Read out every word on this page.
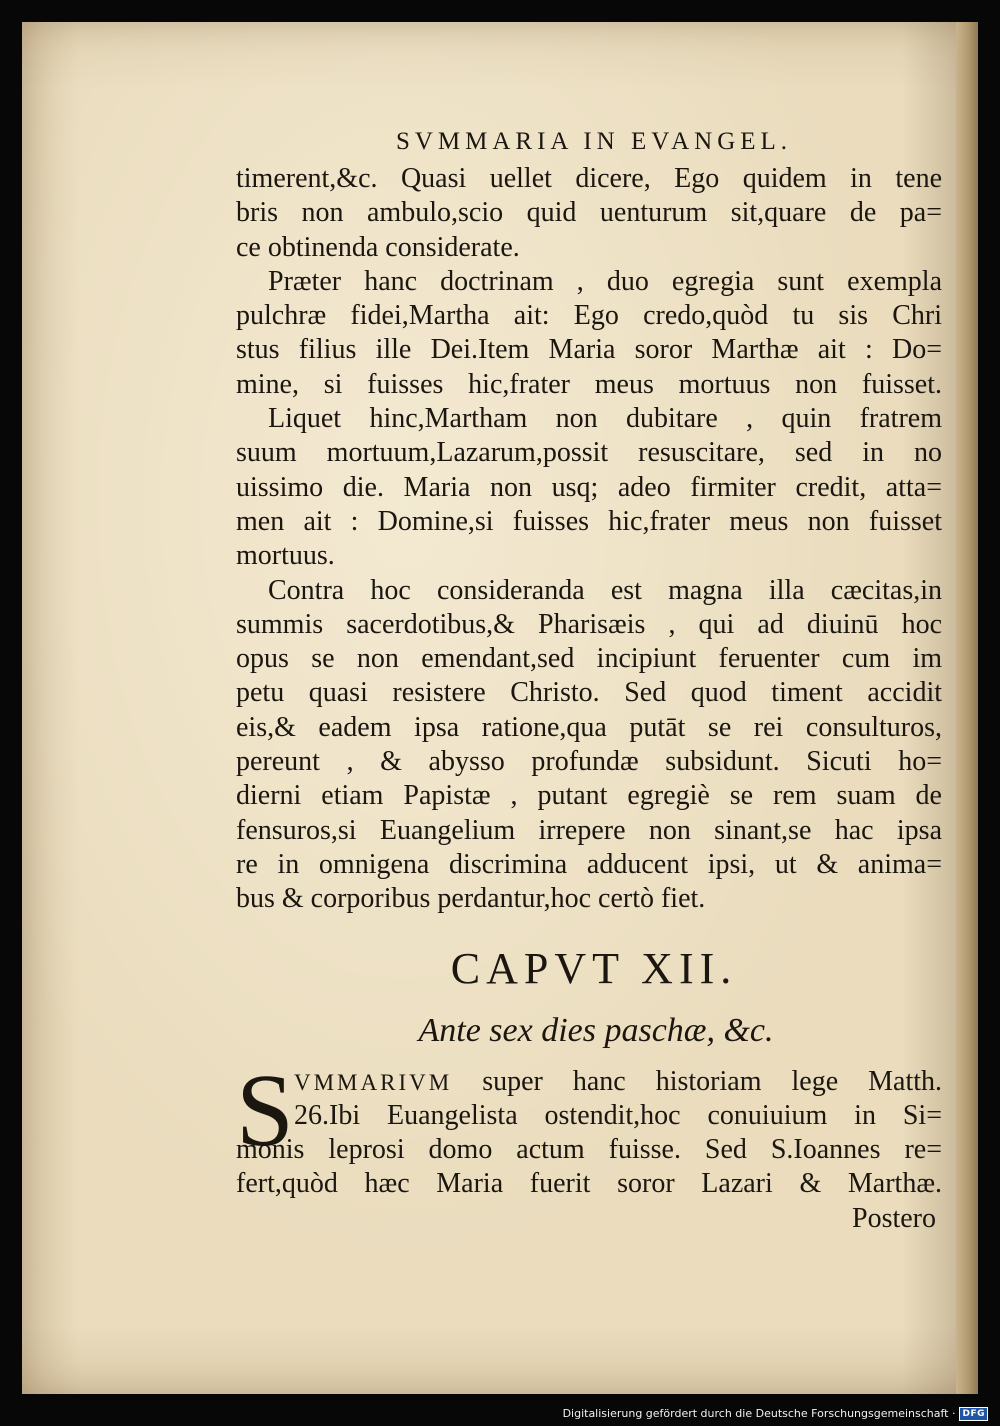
SVMMARIA IN EVANGEL.
timerent,&c. Quasi uellet dicere, Ego quidem in tene
bris non ambulo,scio quid uenturum sit,quare de pa=
ce obtinenda considerate.
Præter hanc doctrinam , duo egregia sunt exempla
pulchræ fidei,Martha ait: Ego credo,quòd tu sis Chri
stus filius ille Dei.Item Maria soror Marthæ ait : Do=
mine, si fuisses hic,frater meus mortuus non fuisset.
Liquet hinc,Martham non dubitare , quin fratrem
suum mortuum,Lazarum,possit resuscitare, sed in no
uissimo die. Maria non usq; adeo firmiter credit, atta=
men ait : Domine,si fuisses hic,frater meus non fuisset
mortuus.
Contra hoc consideranda est magna illa cæcitas,in
summis sacerdotibus,& Pharisæis , qui ad diuinū hoc
opus se non emendant,sed incipiunt feruenter cum im
petu quasi resistere Christo. Sed quod timent accidit
eis,& eadem ipsa ratione,qua putāt se rei consulturos,
pereunt , & abysso profundæ subsidunt. Sicuti ho=
dierni etiam Papistæ , putant egregiè se rem suam de
fensuros,si Euangelium irrepere non sinant,se hac ipsa
re in omnigena discrimina adducent ipsi, ut & anima=
bus & corporibus perdantur,hoc certò fiet.
CAPVT XII.
Ante sex dies paschæ, &c.
S VMMARIVM super hanc historiam lege Matth.
26.Ibi Euangelista ostendit,hoc conuiuium in Si=
monis leprosi domo actum fuisse. Sed S.Ioannes re=
fert,quòd hæc Maria fuerit soror Lazari & Marthæ.
Postero
Digitalisierung gefördert durch die Deutsche Forschungsgemeinschaft · DFG
